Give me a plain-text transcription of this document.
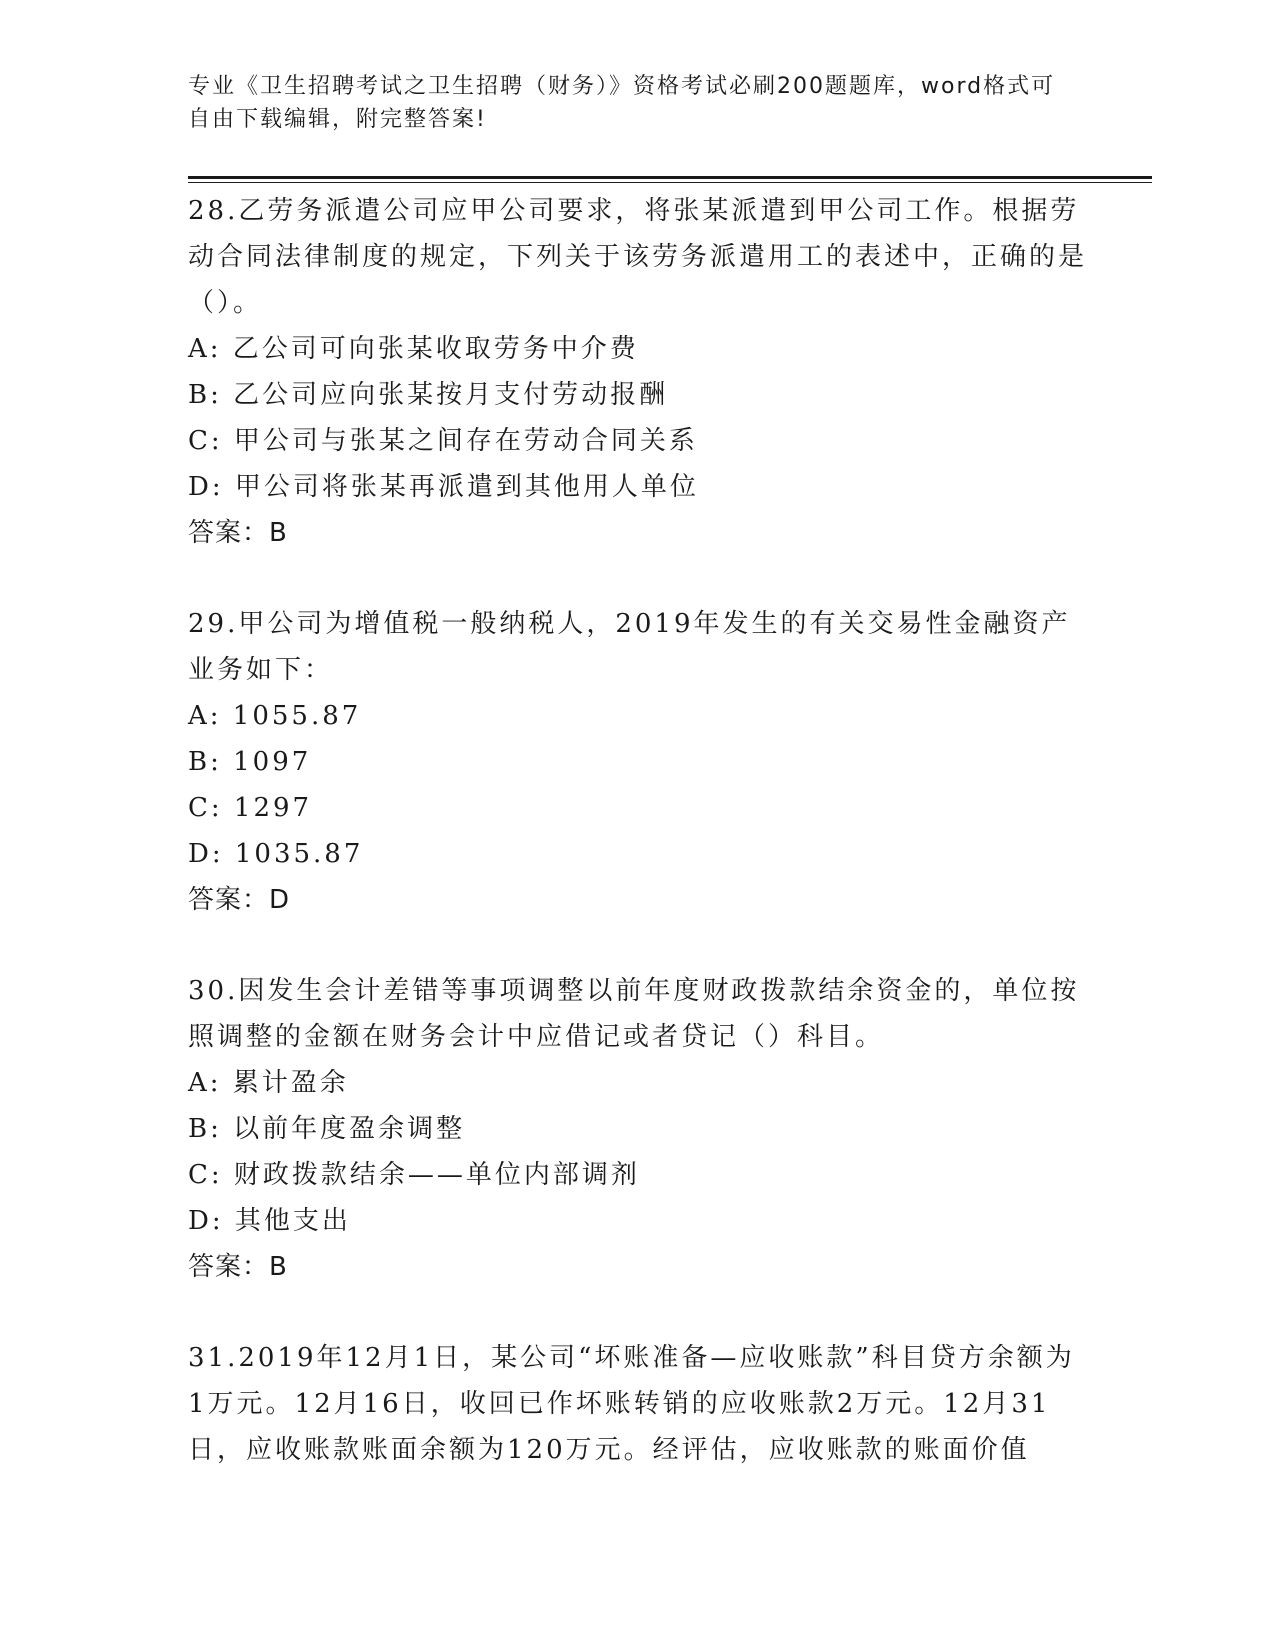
专业《卫生招聘考试之卫生招聘（财务）》资格考试必刷200题题库，word格式可自由下载编辑，附完整答案!

28.乙劳务派遣公司应甲公司要求，将张某派遣到甲公司工作。根据劳动合同法律制度的规定，下列关于该劳务派遣用工的表述中，正确的是（）。

A: 乙公司可向张某收取劳务中介费

B: 乙公司应向张某按月支付劳动报酬

C: 甲公司与张某之间存在劳动合同关系

D: 甲公司将张某再派遣到其他用人单位

答案：B

29.甲公司为增值税一般纳税人，2019年发生的有关交易性金融资产业务如下：

A: 1055.87

B: 1097

C: 1297

D: 1035.87

答案：D

30.因发生会计差错等事项调整以前年度财政拨款结余资金的，单位按照调整的金额在财务会计中应借记或者贷记（）科目。

A: 累计盈余

B: 以前年度盈余调整

C: 财政拨款结余——单位内部调剂

D: 其他支出

答案：B

31.2019年12月1日，某公司“坏账准备—应收账款”科目贷方余额为1万元。12月16日，收回已作坏账转销的应收账款2万元。12月31日，应收账款账面余额为120万元。经评估，应收账款的账面价值
